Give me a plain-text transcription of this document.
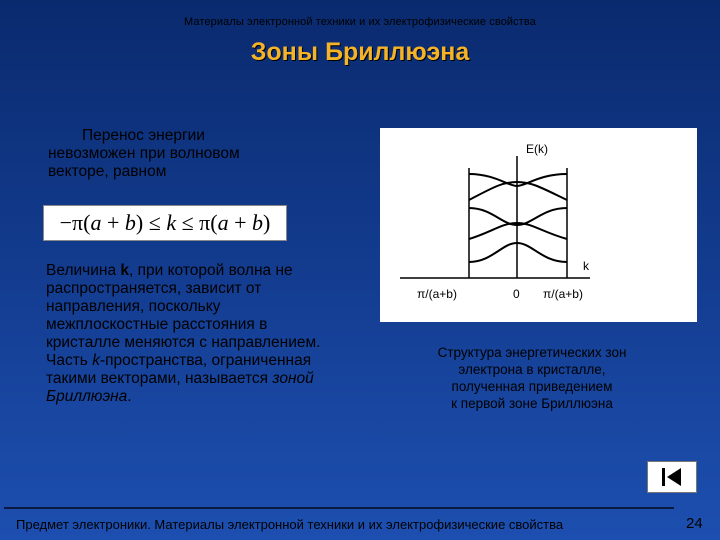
Материалы электронной техники и их электрофизические свойства
Зоны Бриллюэна
Перенос энергии
невозможен при волновом
векторе, равном
−π( a + b ) ≤ k ≤ π( a + b )
Величина k, при которой волна не распространяется, зависит от направления, поскольку межплоскостные расстояния в кристалле меняются с направлением. Часть k-пространства, ограниченная такими векторами, называется зоной Бриллюэна.
E(k)
k
π/(a+b)	0 π/(a+b)
Структура энергетических зон
электрона в кристалле,
полученная приведением
к первой зоне Бриллюэна
Предмет электроники. Материалы электронной техники и их электрофизические свойства	24
